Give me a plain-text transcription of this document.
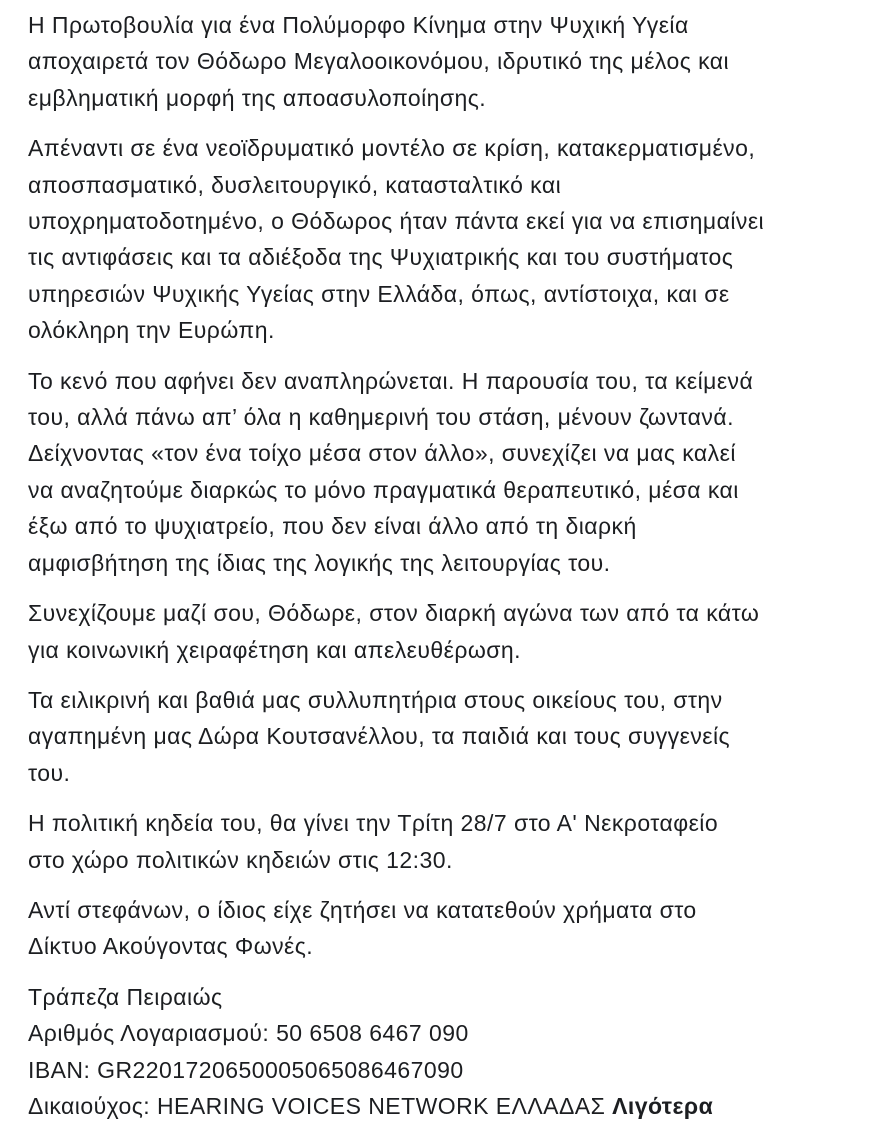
Η Πρωτοβουλία για ένα Πολύμορφο Κίνημα στην Ψυχική Υγεία
αποχαιρετά τον Θόδωρο Μεγαλοοικονόμου, ιδρυτικό της μέλος και
εμβληματική μορφή της αποασυλοποίησης.

Απέναντι σε ένα νεοϊδρυματικό μοντέλο σε κρίση, κατακερματισμένο,
αποσπασματικό, δυσλειτουργικό, κατασταλτικό και
υποχρηματοδοτημένο, ο Θόδωρος ήταν πάντα εκεί για να επισημαίνει
τις αντιφάσεις και τα αδιέξοδα της Ψυχιατρικής και του συστήματος
υπηρεσιών Ψυχικής Υγείας στην Ελλάδα, όπως, αντίστοιχα, και σε
ολόκληρη την Ευρώπη.

Το κενό που αφήνει δεν αναπληρώνεται. Η παρουσία του, τα κείμενά
του, αλλά πάνω απ’ όλα η καθημερινή του στάση, μένουν ζωντανά.
Δείχνοντας «τον ένα τοίχο μέσα στον άλλο», συνεχίζει να μας καλεί
να αναζητούμε διαρκώς το μόνο πραγματικά θεραπευτικό, μέσα και
έξω από το ψυχιατρείο, που δεν είναι άλλο από τη διαρκή
αμφισβήτηση της ίδιας της λογικής της λειτουργίας του.

Συνεχίζουμε μαζί σου, Θόδωρε, στον διαρκή αγώνα των από τα κάτω
για κοινωνική χειραφέτηση και απελευθέρωση.

Τα ειλικρινή και βαθιά μας συλλυπητήρια στους οικείους του, στην
αγαπημένη μας Δώρα Κουτσανέλλου, τα παιδιά και τους συγγενείς
του.

Η πολιτική κηδεία του, θα γίνει την Τρίτη 28/7 στο Α' Νεκροταφείο
στο χώρο πολιτικών κηδειών στις 12:30.

Αντί στεφάνων, ο ίδιος είχε ζητήσει να κατατεθούν χρήματα στο
Δίκτυο Ακούγοντας Φωνές.

Τράπεζα Πειραιώς
Αριθμός Λογαριασμού: 50 6508 6467 090
IBAN: GR2201720650005065086467090
Δικαιούχος: HEARING VOICES NETWORK ΕΛΛΑΔΑΣ Λιγότερα
